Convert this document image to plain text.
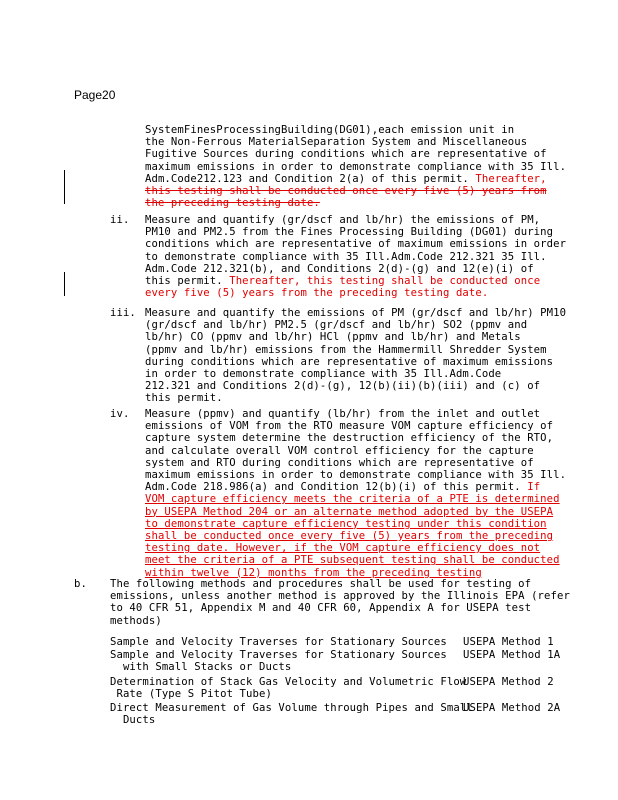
Page20
SystemFinesProcessingBuilding(DG01),each emission unit in
the Non-Ferrous MaterialSeparation System and Miscellaneous
Fugitive Sources during conditions which are representative of
maximum emissions in order to demonstrate compliance with 35 Ill.
Adm.Code212.123 and Condition 2(a) of this permit. Thereafter,
this testing shall be conducted once every five (5) years from
the preceding testing date.
ii. Measure and quantify (gr/dscf and lb/hr) the emissions of PM,
PM10 and PM2.5 from the Fines Processing Building (DG01) during
conditions which are representative of maximum emissions in order
to demonstrate compliance with 35 Ill.Adm.Code 212.321 35 Ill.
Adm.Code 212.321(b), and Conditions 2(d)-(g) and 12(e)(i) of
this permit. Thereafter, this testing shall be conducted once
every five (5) years from the preceding testing date.
iii. Measure and quantify the emissions of PM (gr/dscf and lb/hr) PM10
(gr/dscf and lb/hr) PM2.5 (gr/dscf and lb/hr) SO2 (ppmv and
lb/hr) CO (ppmv and lb/hr) HCl (ppmv and lb/hr) and Metals
(ppmv and lb/hr) emissions from the Hammermill Shredder System
during conditions which are representative of maximum emissions
in order to demonstrate compliance with 35 Ill.Adm.Code
212.321 and Conditions 2(d)-(g), 12(b)(ii)(b)(iii) and (c) of
this permit.
iv. Measure (ppmv) and quantify (lb/hr) from the inlet and outlet
emissions of VOM from the RTO measure VOM capture efficiency of
capture system determine the destruction efficiency of the RTO,
and calculate overall VOM control efficiency for the capture
system and RTO during conditions which are representative of
maximum emissions in order to demonstrate compliance with 35 Ill.
Adm.Code 218.986(a) and Condition 12(b)(i) of this permit. If
VOM capture efficiency meets the criteria of a PTE is determined
by USEPA Method 204 or an alternate method adopted by the USEPA
to demonstrate capture efficiency testing under this condition
shall be conducted once every five (5) years from the preceding
testing date. However, if the VOM capture efficiency does not
meet the criteria of a PTE subsequent testing shall be conducted
within twelve (12) months from the preceding testing
b. The following methods and procedures shall be used for testing of
emissions, unless another method is approved by the Illinois EPA (refer
to 40 CFR 51, Appendix M and 40 CFR 60, Appendix A for USEPA test
methods)
Sample and Velocity Traverses for Stationary Sources USEPA Method 1
Sample and Velocity Traverses for Stationary Sources
with Small Stacks or Ducts
USEPA Method 1A
Determination of Stack Gas Velocity and Volumetric Flow
Rate (Type S Pitot Tube)
USEPA Method 2
Direct Measurement of Gas Volume through Pipes and Small
Ducts
USEPA Method 2A
